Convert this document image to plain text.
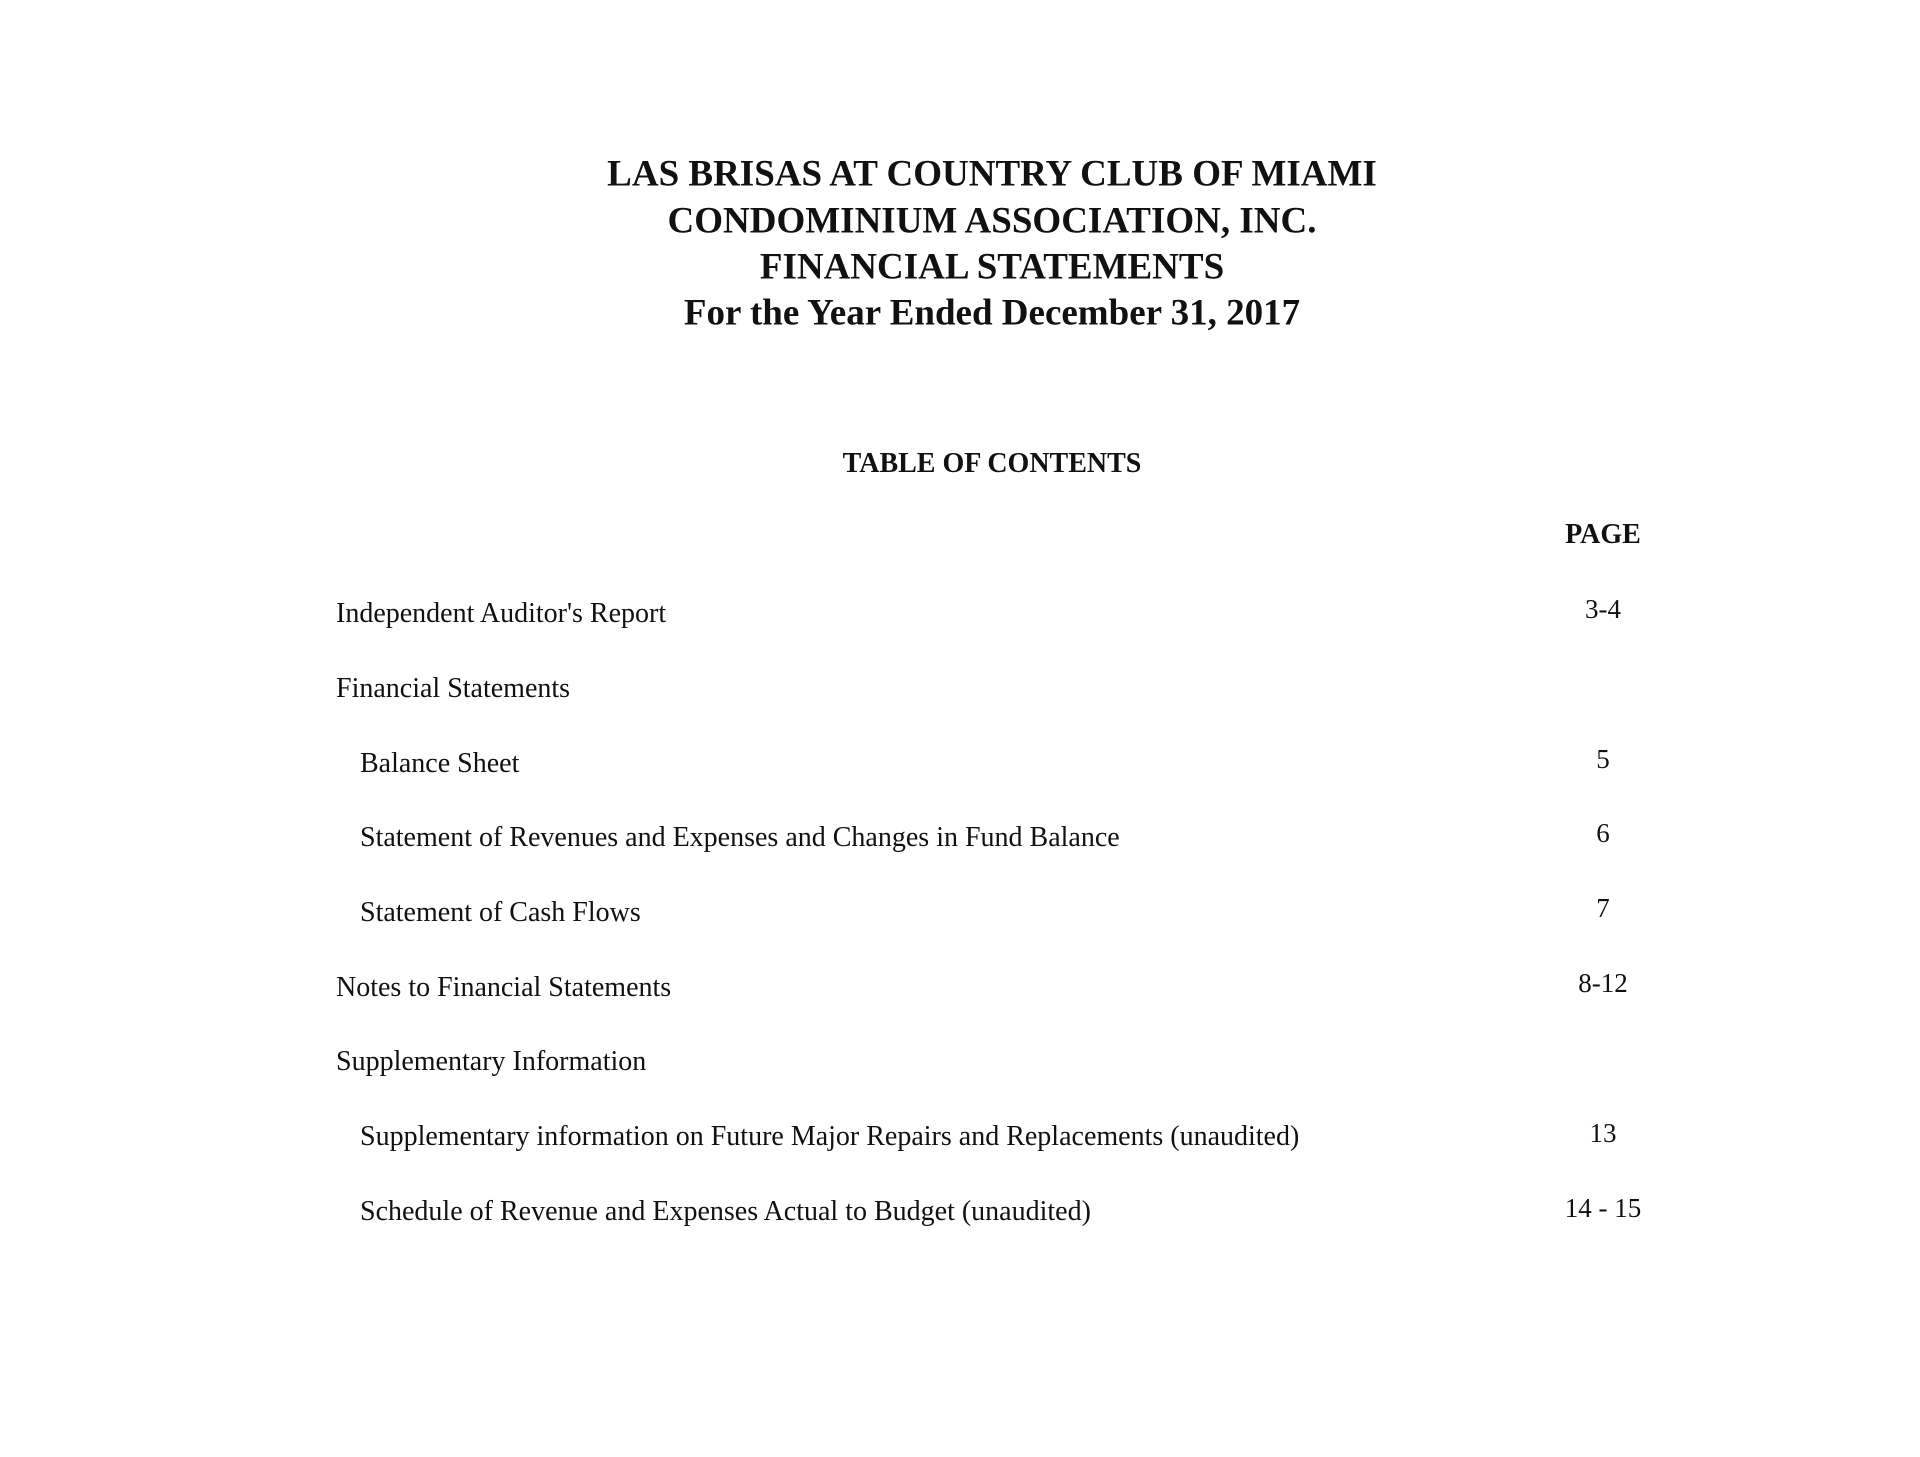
LAS BRISAS AT COUNTRY CLUB OF MIAMI
CONDOMINIUM ASSOCIATION, INC.
FINANCIAL STATEMENTS
For the Year Ended December 31, 2017
TABLE OF CONTENTS
PAGE
Independent Auditor's Report	3-4
Financial Statements
Balance Sheet	5
Statement of Revenues and Expenses and Changes in Fund Balance	6
Statement of Cash Flows	7
Notes to Financial Statements	8-12
Supplementary Information
Supplementary information on Future Major Repairs and Replacements (unaudited)	13
Schedule of Revenue and Expenses Actual to Budget (unaudited)	14 - 15
